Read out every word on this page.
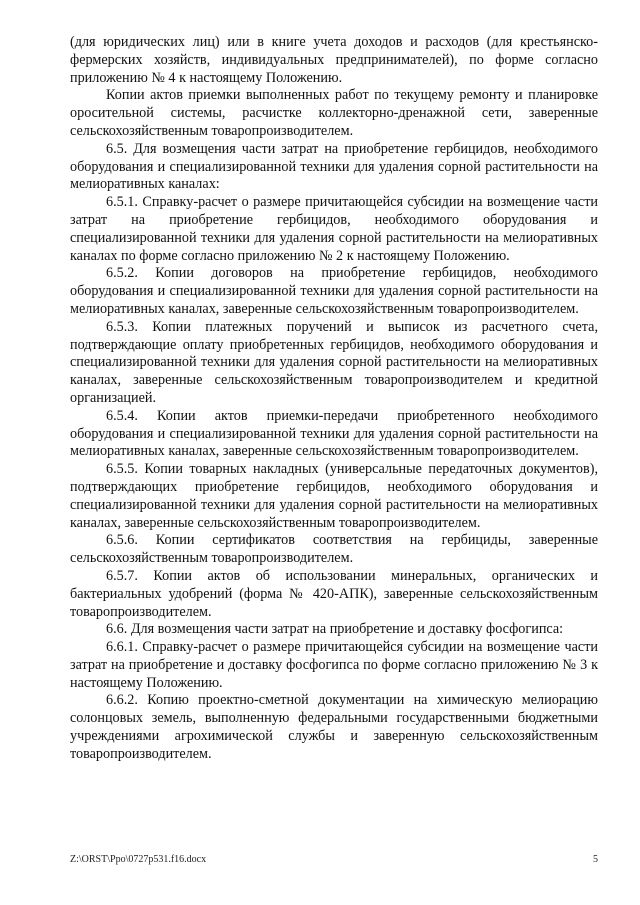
(для юридических лиц) или в книге учета доходов и расходов (для крестьянско-фермерских хозяйств, индивидуальных предпринимателей), по форме согласно приложению № 4 к настоящему Положению.

Копии актов приемки выполненных работ по текущему ремонту и планировке оросительной системы, расчистке коллекторно-дренажной сети, заверенные сельскохозяйственным товаропроизводителем.

6.5. Для возмещения части затрат на приобретение гербицидов, необходимого оборудования и специализированной техники для удаления сорной растительности на мелиоративных каналах:

6.5.1. Справку-расчет о размере причитающейся субсидии на возмещение части затрат на приобретение гербицидов, необходимого оборудования и специализированной техники для удаления сорной растительности на мелиоративных каналах по форме согласно приложению № 2 к настоящему Положению.

6.5.2. Копии договоров на приобретение гербицидов, необходимого оборудования и специализированной техники для удаления сорной растительности на мелиоративных каналах, заверенные сельскохозяйственным товаропроизводителем.

6.5.3. Копии платежных поручений и выписок из расчетного счета, подтверждающие оплату приобретенных гербицидов, необходимого оборудования и специализированной техники для удаления сорной растительности на мелиоративных каналах, заверенные сельскохозяйственным товаропроизводителем и кредитной организацией.

6.5.4. Копии актов приемки-передачи приобретенного необходимого оборудования и специализированной техники для удаления сорной растительности на мелиоративных каналах, заверенные сельскохозяйственным товаропроизводителем.

6.5.5. Копии товарных накладных (универсальные передаточных документов), подтверждающих приобретение гербицидов, необходимого оборудования и специализированной техники для удаления сорной растительности на мелиоративных каналах, заверенные сельскохозяйственным товаропроизводителем.

6.5.6. Копии сертификатов соответствия на гербициды, заверенные сельскохозяйственным товаропроизводителем.

6.5.7. Копии актов об использовании минеральных, органических и бактериальных удобрений (форма № 420-АПК), заверенные сельскохозяйственным товаропроизводителем.

6.6. Для возмещения части затрат на приобретение и доставку фосфогипса:

6.6.1. Справку-расчет о размере причитающейся субсидии на возмещение части затрат на приобретение и доставку фосфогипса по форме согласно приложению № 3 к настоящему Положению.

6.6.2. Копию проектно-сметной документации на химическую мелиорацию солонцовых земель, выполненную федеральными государственными бюджетными учреждениями агрохимической службы и заверенную сельскохозяйственным товаропроизводителем.

Z:\ORST\Ppo\0727p531.f16.docx	5
